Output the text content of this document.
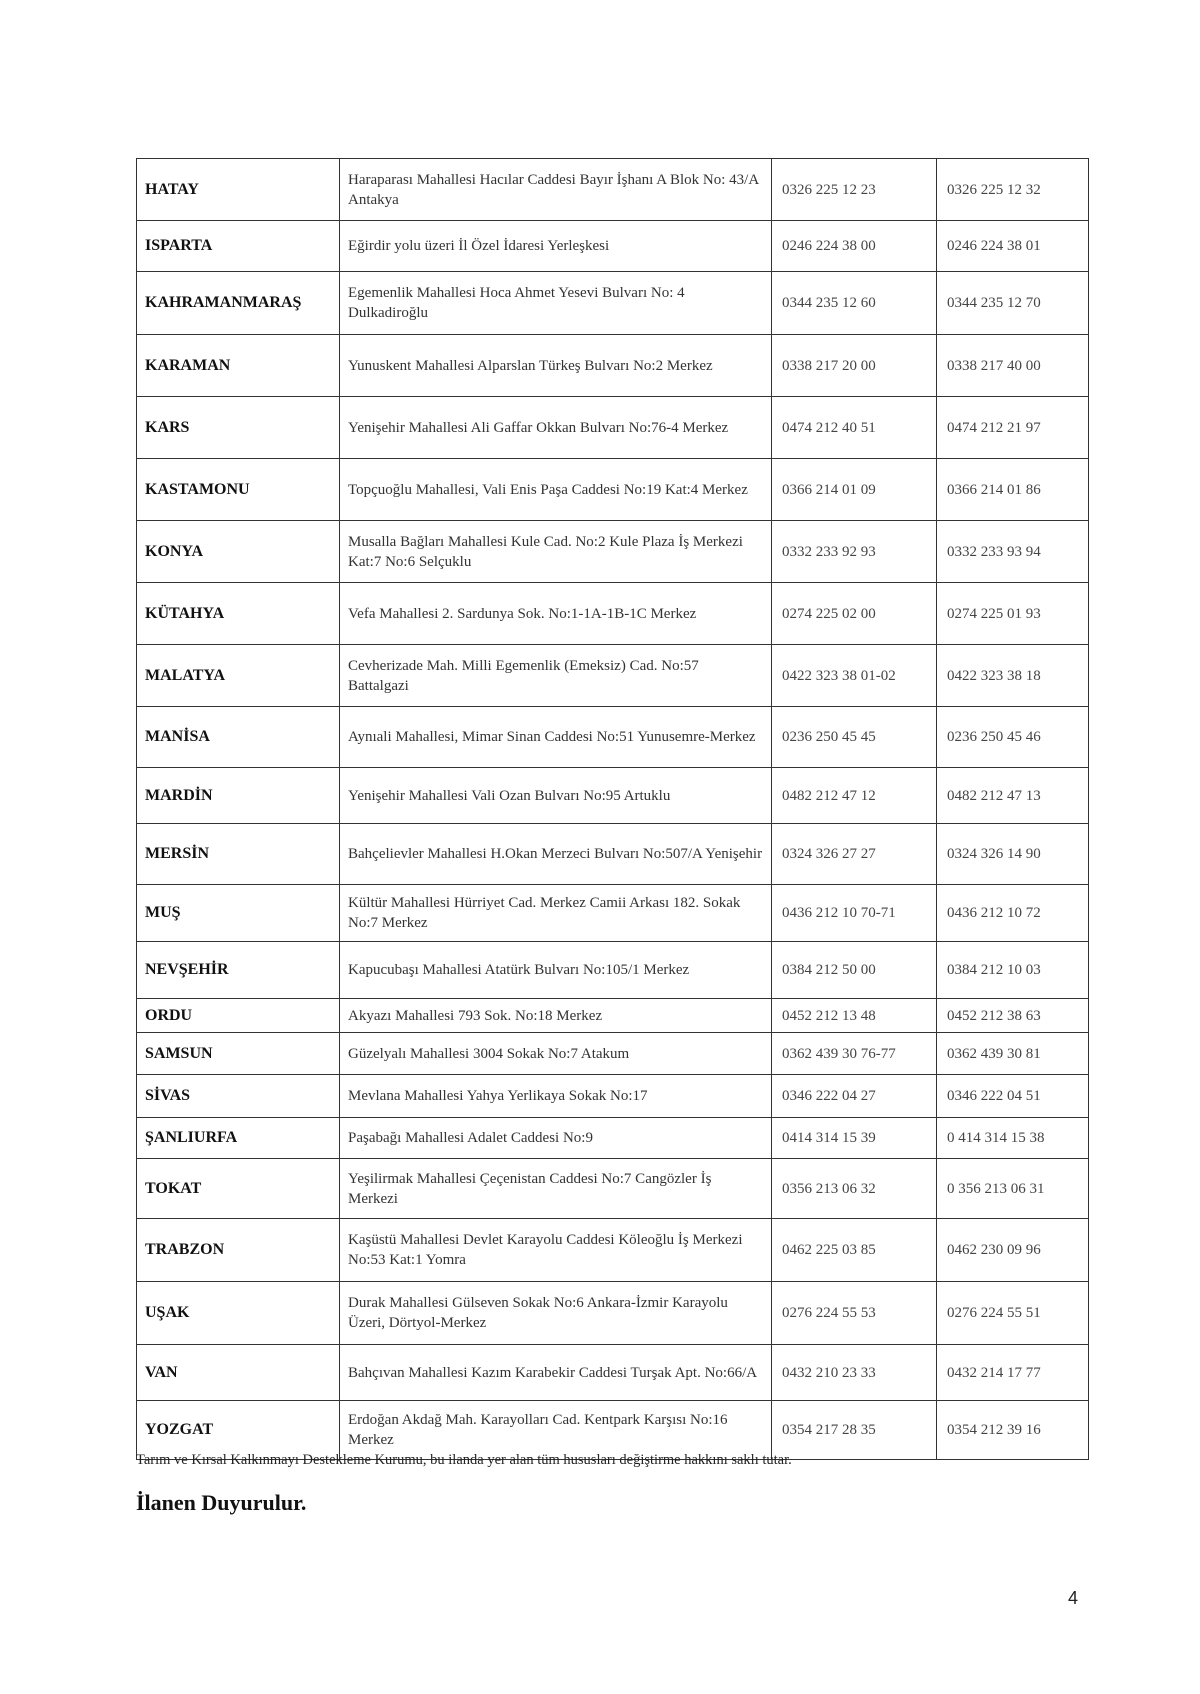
HATAY	Haraparası Mahallesi Hacılar Caddesi Bayır İşhanı A Blok No: 43/A Antakya	0326 225 12 23	0326 225 12 32
ISPARTA	Eğirdir yolu üzeri İl Özel İdaresi Yerleşkesi	0246 224 38 00	0246 224 38 01
KAHRAMANMARAŞ	Egemenlik Mahallesi Hoca Ahmet Yesevi Bulvarı No: 4 Dulkadiroğlu	0344 235 12 60	0344 235 12 70
KARAMAN	Yunuskent Mahallesi Alparslan Türkeş Bulvarı No:2 Merkez	0338 217 20 00	0338 217 40 00
KARS	Yenişehir Mahallesi Ali Gaffar Okkan Bulvarı No:76-4 Merkez	0474 212 40 51	0474 212 21 97
KASTAMONU	Topçuoğlu Mahallesi, Vali Enis Paşa Caddesi No:19 Kat:4 Merkez	0366 214 01 09	0366 214 01 86
KONYA	Musalla Bağları Mahallesi Kule Cad. No:2 Kule Plaza İş Merkezi Kat:7 No:6 Selçuklu	0332 233 92 93	0332 233 93 94
KÜTAHYA	Vefa Mahallesi 2. Sardunya Sok. No:1-1A-1B-1C Merkez	0274 225 02 00	0274 225 01 93
MALATYA	Cevherizade Mah. Milli Egemenlik (Emeksiz) Cad. No:57 Battalgazi	0422 323 38 01-02	0422 323 38 18
MANİSA	Aynıali Mahallesi, Mimar Sinan Caddesi No:51 Yunusemre-Merkez	0236 250 45 45	0236 250 45 46
MARDİN	Yenişehir Mahallesi Vali Ozan Bulvarı No:95 Artuklu	0482 212 47 12	0482 212 47 13
MERSİN	Bahçelievler Mahallesi H.Okan Merzeci Bulvarı No:507/A Yenişehir	0324 326 27 27	0324 326 14 90
MUŞ	Kültür Mahallesi Hürriyet Cad. Merkez Camii Arkası 182. Sokak No:7 Merkez	0436 212 10 70-71	0436 212 10 72
NEVŞEHİR	Kapucubaşı Mahallesi Atatürk Bulvarı No:105/1 Merkez	0384 212 50 00	0384 212 10 03
ORDU	Akyazı Mahallesi 793 Sok. No:18 Merkez	0452 212 13 48	0452 212 38 63
SAMSUN	Güzelyalı Mahallesi 3004 Sokak No:7 Atakum	0362 439 30 76-77	0362 439 30 81
SİVAS	Mevlana Mahallesi Yahya Yerlikaya Sokak No:17	0346 222 04 27	0346 222 04 51
ŞANLIURFA	Paşabağı Mahallesi Adalet Caddesi No:9	0414 314 15 39	0 414 314 15 38
TOKAT	Yeşilirmak Mahallesi Çeçenistan Caddesi No:7 Cangözler İş Merkezi	0356 213 06 32	0 356 213 06 31
TRABZON	Kaşüstü Mahallesi Devlet Karayolu Caddesi Köleoğlu İş Merkezi No:53 Kat:1 Yomra	0462 225 03 85	0462 230 09 96
UŞAK	Durak Mahallesi Gülseven Sokak No:6 Ankara-İzmir Karayolu Üzeri, Dörtyol-Merkez	0276 224 55 53	0276 224 55 51
VAN	Bahçıvan Mahallesi Kazım Karabekir Caddesi Turşak Apt. No:66/A	0432 210 23 33	0432 214 17 77
YOZGAT	Erdoğan Akdağ Mah. Karayolları Cad. Kentpark Karşısı No:16 Merkez	0354 217 28 35	0354 212 39 16
Tarım ve Kırsal Kalkınmayı Destekleme Kurumu, bu ilanda yer alan tüm hususları değiştirme hakkını saklı tutar.
İlanen Duyurulur.
4
